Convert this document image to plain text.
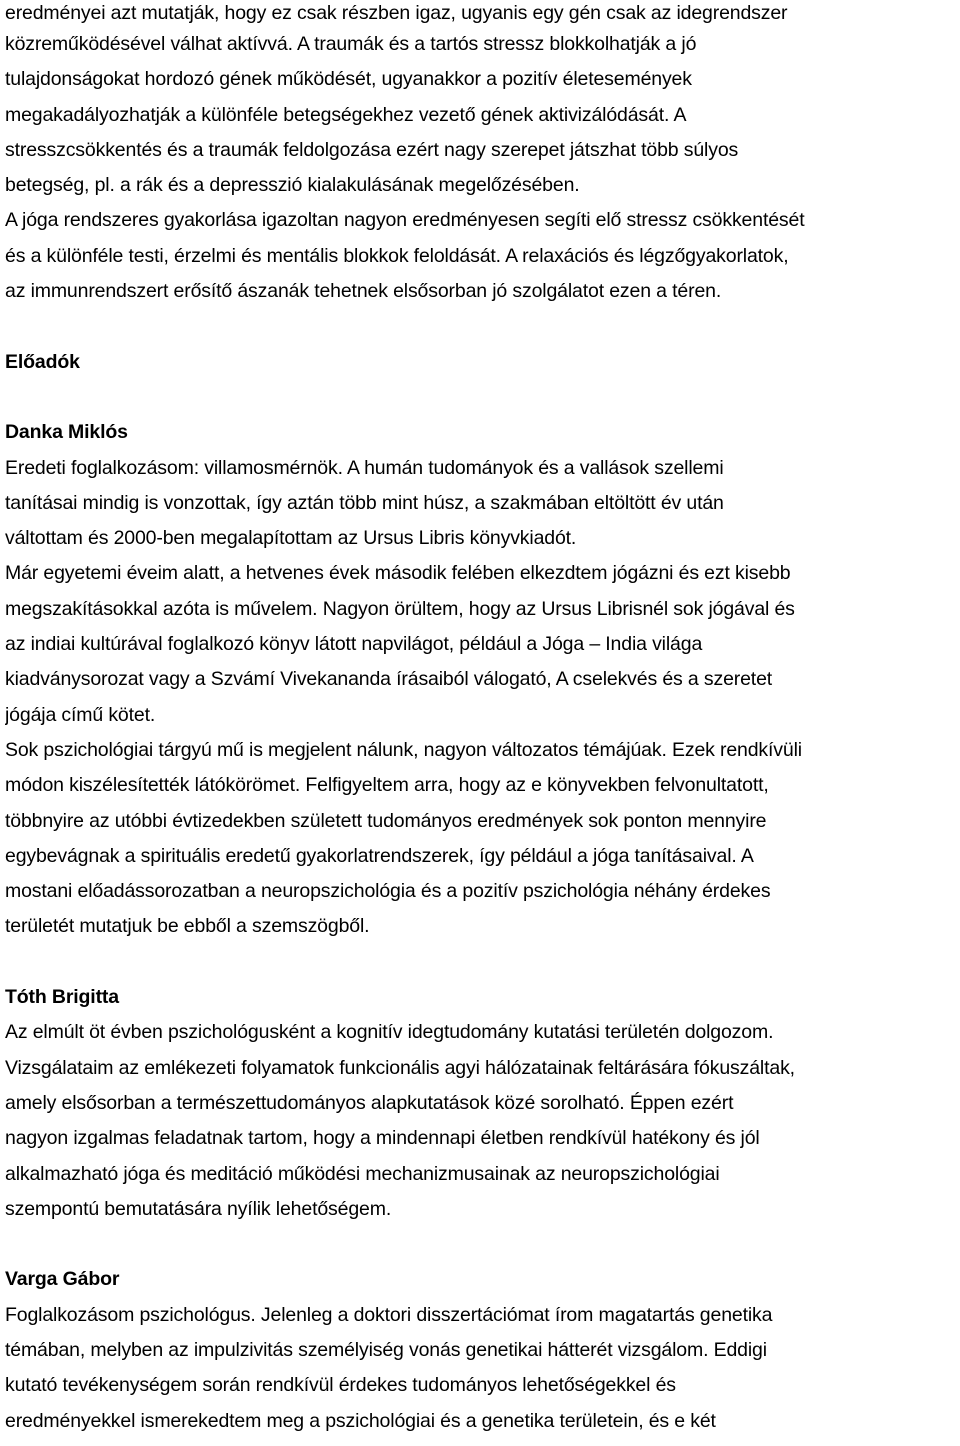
eredményei azt mutatják, hogy ez csak részben igaz, ugyanis egy gén csak az idegrendszer
közreműködésével válhat aktívvá. A traumák és a tartós stressz blokkolhatják a jó
tulajdonságokat hordozó gének működését, ugyanakkor a pozitív életesemények
megakadályozhatják a különféle betegségekhez vezető gének aktivizálódását. A
stresszcsökkentés és a traumák feldolgozása ezért nagy szerepet játszhat több súlyos
betegség, pl. a rák és a depresszió kialakulásának megelőzésében.
A jóga rendszeres gyakorlása igazoltan nagyon eredményesen segíti elő stressz csökkentését
és a különféle testi, érzelmi és mentális blokkok feloldását. A relaxációs és légzőgyakorlatok,
az immunrendszert erősítő ászanák tehetnek elsősorban jó szolgálatot ezen a téren.
Előadók
Danka Miklós
Eredeti foglalkozásom: villamosmérnök. A humán tudományok és a vallások szellemi
tanításai mindig is vonzottak, így aztán több mint húsz, a szakmában eltöltött év után
váltottam és 2000-ben megalapítottam az Ursus Libris könyvkiadót.
Már egyetemi éveim alatt, a hetvenes évek második felében elkezdtem jógázni és ezt kisebb
megszakításokkal azóta is művelem. Nagyon örültem, hogy az Ursus Librisnél sok jógával és
az indiai kultúrával foglalkozó könyv látott napvilágot, például a Jóga – India világa
kiadványsorozat vagy a Szvámí Vivekananda írásaiból válogató, A cselekvés és a szeretet
jógája című kötet.
Sok pszichológiai tárgyú mű is megjelent nálunk, nagyon változatos témájúak. Ezek rendkívüli
módon kiszélesítették látókörömet. Felfigyeltem arra, hogy az e könyvekben felvonultatott,
többnyire az utóbbi évtizedekben született tudományos eredmények sok ponton mennyire
egybevágnak a spirituális eredetű gyakorlatrendszerek, így például a jóga tanításaival. A
mostani előadássorozatban a neuropszichológia és a pozitív pszichológia néhány érdekes
területét mutatjuk be ebből a szemszögből.
Tóth Brigitta
Az elmúlt öt évben pszichológusként a kognitív idegtudomány kutatási területén dolgozom.
Vizsgálataim az emlékezeti folyamatok funkcionális agyi hálózatainak feltárására fókuszáltak,
amely elsősorban a természettudományos alapkutatások közé sorolható. Éppen ezért
nagyon izgalmas feladatnak tartom, hogy a mindennapi életben rendkívül hatékony és jól
alkalmazható jóga és meditáció működési mechanizmusainak az neuropszichológiai
szempontú bemutatására nyílik lehetőségem.
Varga Gábor
Foglalkozásom pszichológus. Jelenleg a doktori disszertációmat írom magatartás genetika
témában, melyben az impulzivitás személyiség vonás genetikai hátterét vizsgálom. Eddigi
kutató tevékenységem során rendkívül érdekes tudományos lehetőségekkel és
eredményekkel ismerekedtem meg a pszichológiai és a genetika területein, és e két
